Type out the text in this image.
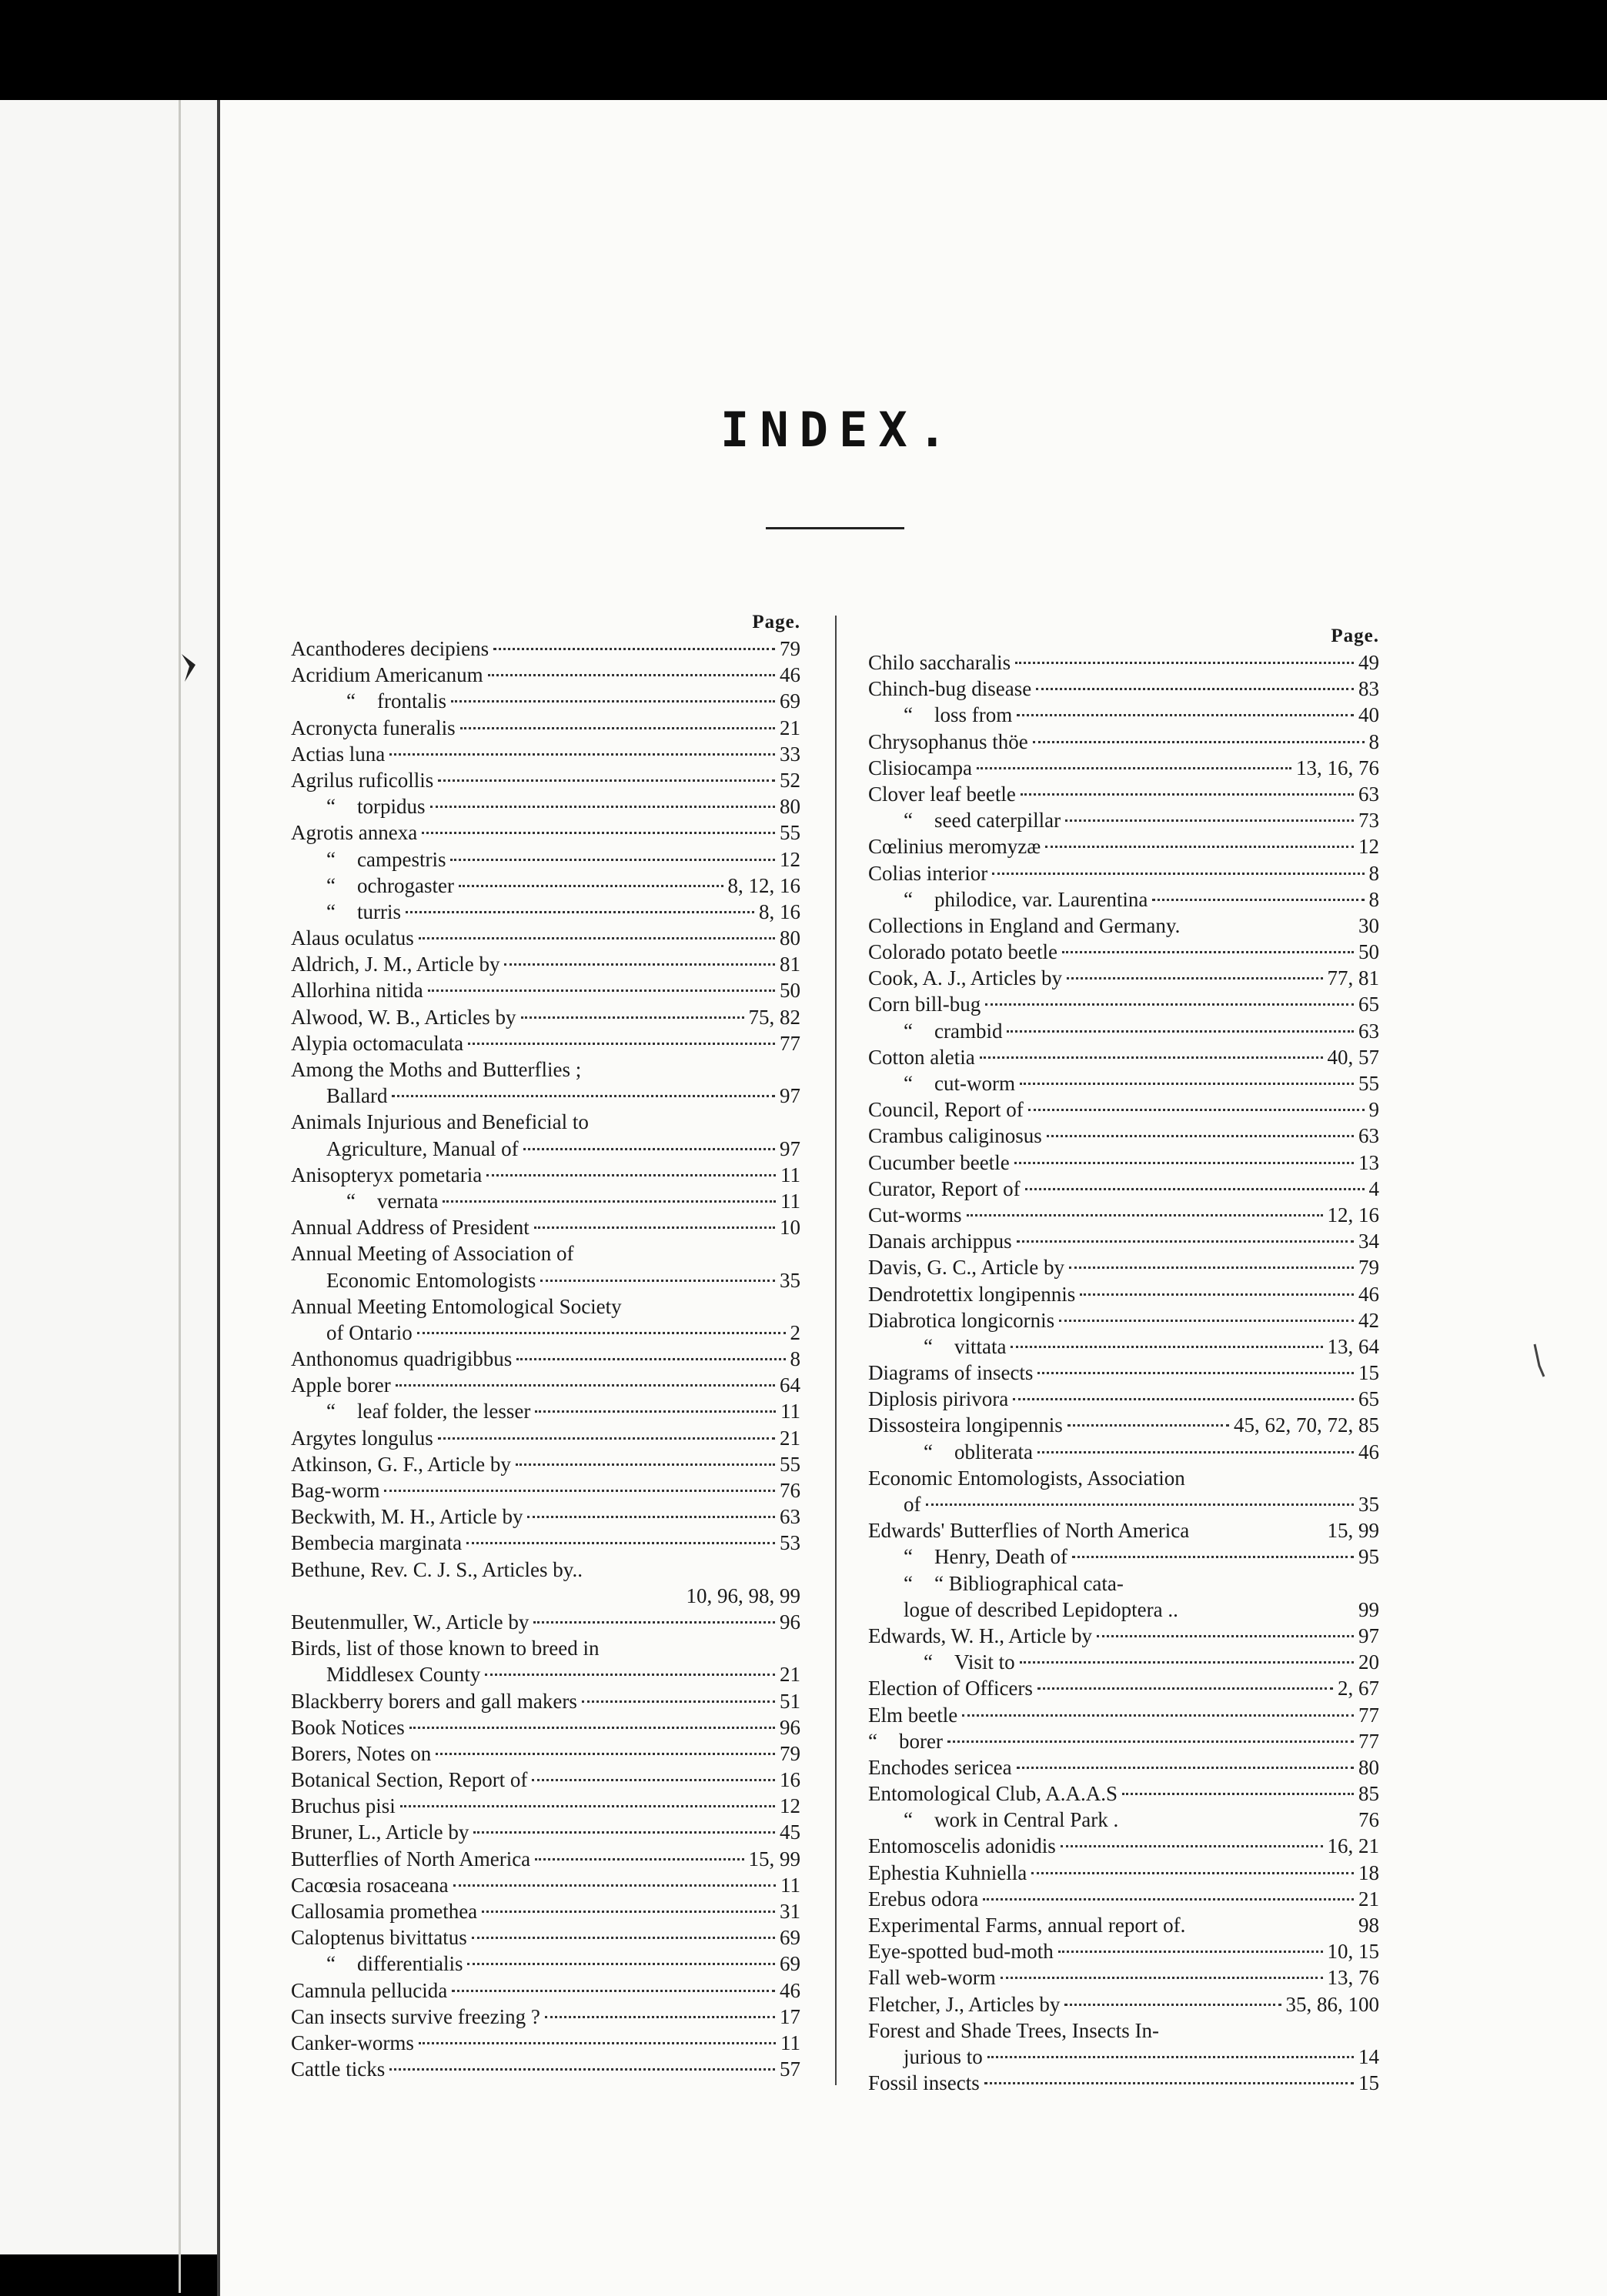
INDEX.
Page.
Acanthoderes decipiens	79
Acridium Americanum	46
“ frontalis	69
Acronycta funeralis	21
Actias luna	33
Agrilus ruficollis	52
“ torpidus	80
Agrotis annexa	55
“ campestris	12
“ ochrogaster	8, 12, 16
“ turris	8, 16
Alaus oculatus	80
Aldrich, J. M., Article by	81
Allorhina nitida	50
Alwood, W. B., Articles by	75, 82
Alypia octomaculata	77
Among the Moths and Butterflies ;
Ballard	97
Animals Injurious and Beneficial to
Agriculture, Manual of	97
Anisopteryx pometaria	11
“ vernata	11
Annual Address of President	10
Annual Meeting of Association of
Economic Entomologists	35
Annual Meeting Entomological Society
of Ontario	2
Anthonomus quadrigibbus	8
Apple borer	64
“ leaf folder, the lesser	11
Argytes longulus	21
Atkinson, G. F., Article by	55
Bag-worm	76
Beckwith, M. H., Article by	63
Bembecia marginata	53
Bethune, Rev. C. J. S., Articles by..
10, 96, 98, 99
Beutenmuller, W., Article by	96
Birds, list of those known to breed in
Middlesex County	21
Blackberry borers and gall makers	51
Book Notices	96
Borers, Notes on	79
Botanical Section, Report of	16
Bruchus pisi	12
Bruner, L., Article by	45
Butterflies of North America	15, 99
Cacœsia rosaceana	11
Callosamia promethea	31
Caloptenus bivittatus	69
“ differentialis	69
Camnula pellucida	46
Can insects survive freezing ?	17
Canker-worms	11
Cattle ticks	57
Page.
Chilo saccharalis	49
Chinch-bug disease	83
“ loss from	40
Chrysophanus thöe	8
Clisiocampa	13, 16, 76
Clover leaf beetle	63
“ seed caterpillar	73
Cœlinius meromyzæ	12
Colias interior	8
“ philodice, var. Laurentina	8
Collections in England and Germany.	30
Colorado potato beetle	50
Cook, A. J., Articles by	77, 81
Corn bill-bug	65
“ crambid	63
Cotton aletia	40, 57
“ cut-worm	55
Council, Report of	9
Crambus caliginosus	63
Cucumber beetle	13
Curator, Report of	4
Cut-worms	12, 16
Danais archippus	34
Davis, G. C., Article by	79
Dendrotettix longipennis	46
Diabrotica longicornis	42
“ vittata	13, 64
Diagrams of insects	15
Diplosis pirivora	65
Dissosteira longipennis	45, 62, 70, 72, 85
“ obliterata	46
Economic Entomologists, Association
of	35
Edwards' Butterflies of North America	15, 99
“ Henry, Death of	95
“ “ Bibliographical cata-
logue of described Lepidoptera ..	99
Edwards, W. H., Article by	97
“ Visit to	20
Election of Officers	2, 67
Elm beetle	77
“ borer	77
Enchodes sericea	80
Entomological Club, A.A.A.S	85
“ work in Central Park .	76
Entomoscelis adonidis	16, 21
Ephestia Kuhniella	18
Erebus odora	21
Experimental Farms, annual report of.	98
Eye-spotted bud-moth	10, 15
Fall web-worm	13, 76
Fletcher, J., Articles by	35, 86, 100
Forest and Shade Trees, Insects In-
jurious to	14
Fossil insects	15
